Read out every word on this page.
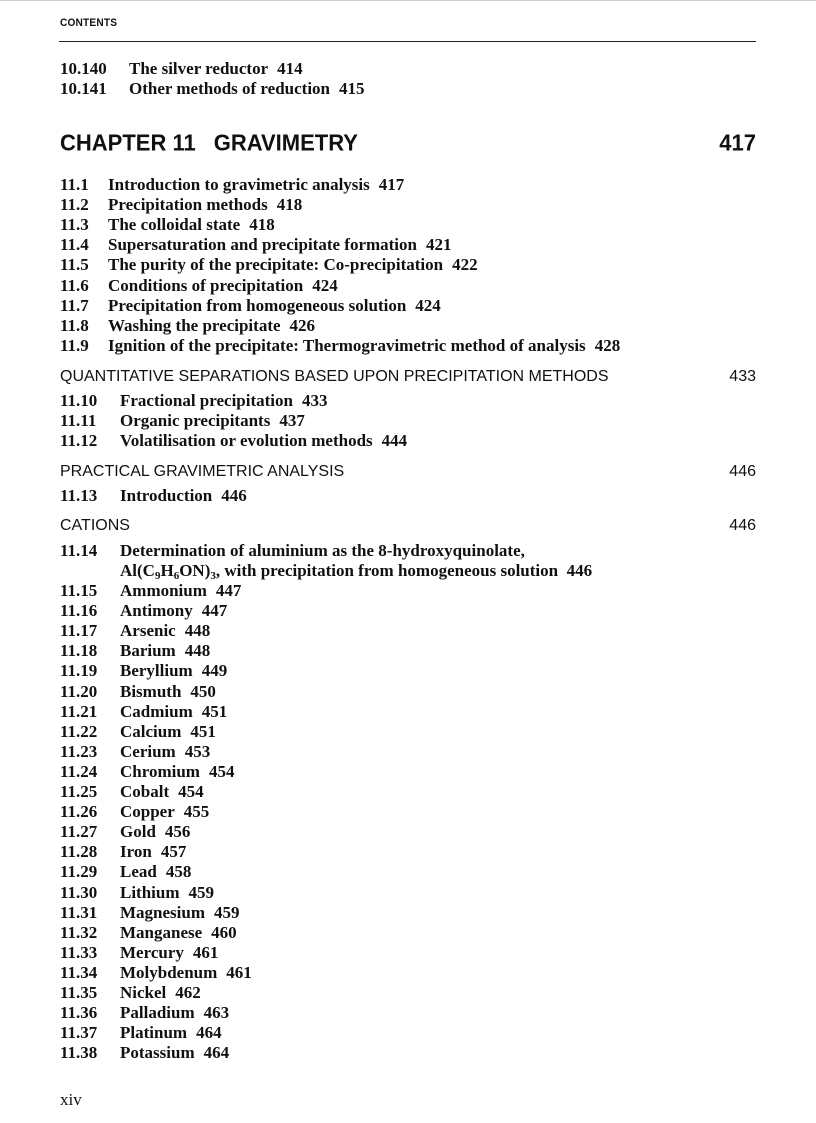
CONTENTS
10.140 The silver reductor 414
10.141 Other methods of reduction 415
CHAPTER 11 GRAVIMETRY	417
11.1 Introduction to gravimetric analysis 417
11.2 Precipitation methods 418
11.3 The colloidal state 418
11.4 Supersaturation and precipitate formation 421
11.5 The purity of the precipitate: Co-precipitation 422
11.6 Conditions of precipitation 424
11.7 Precipitation from homogeneous solution 424
11.8 Washing the precipitate 426
11.9 Ignition of the precipitate: Thermogravimetric method of analysis 428
QUANTITATIVE SEPARATIONS BASED UPON PRECIPITATION METHODS	433
11.10 Fractional precipitation 433
11.11 Organic precipitants 437
11.12 Volatilisation or evolution methods 444
PRACTICAL GRAVIMETRIC ANALYSIS	446
11.13 Introduction 446
CATIONS	446
11.14 Determination of aluminium as the 8-hydroxyquinolate,
$Al(C_9H_6ON)_3$, with precipitation from homogeneous solution 446
11.15 Ammonium 447
11.16 Antimony 447
11.17 Arsenic 448
11.18 Barium 448
11.19 Beryllium 449
11.20 Bismuth 450
11.21 Cadmium 451
11.22 Calcium 451
11.23 Cerium 453
11.24 Chromium 454
11.25 Cobalt 454
11.26 Copper 455
11.27 Gold 456
11.28 Iron 457
11.29 Lead 458
11.30 Lithium 459
11.31 Magnesium 459
11.32 Manganese 460
11.33 Mercury 461
11.34 Molybdenum 461
11.35 Nickel 462
11.36 Palladium 463
11.37 Platinum 464
11.38 Potassium 464
xiv
